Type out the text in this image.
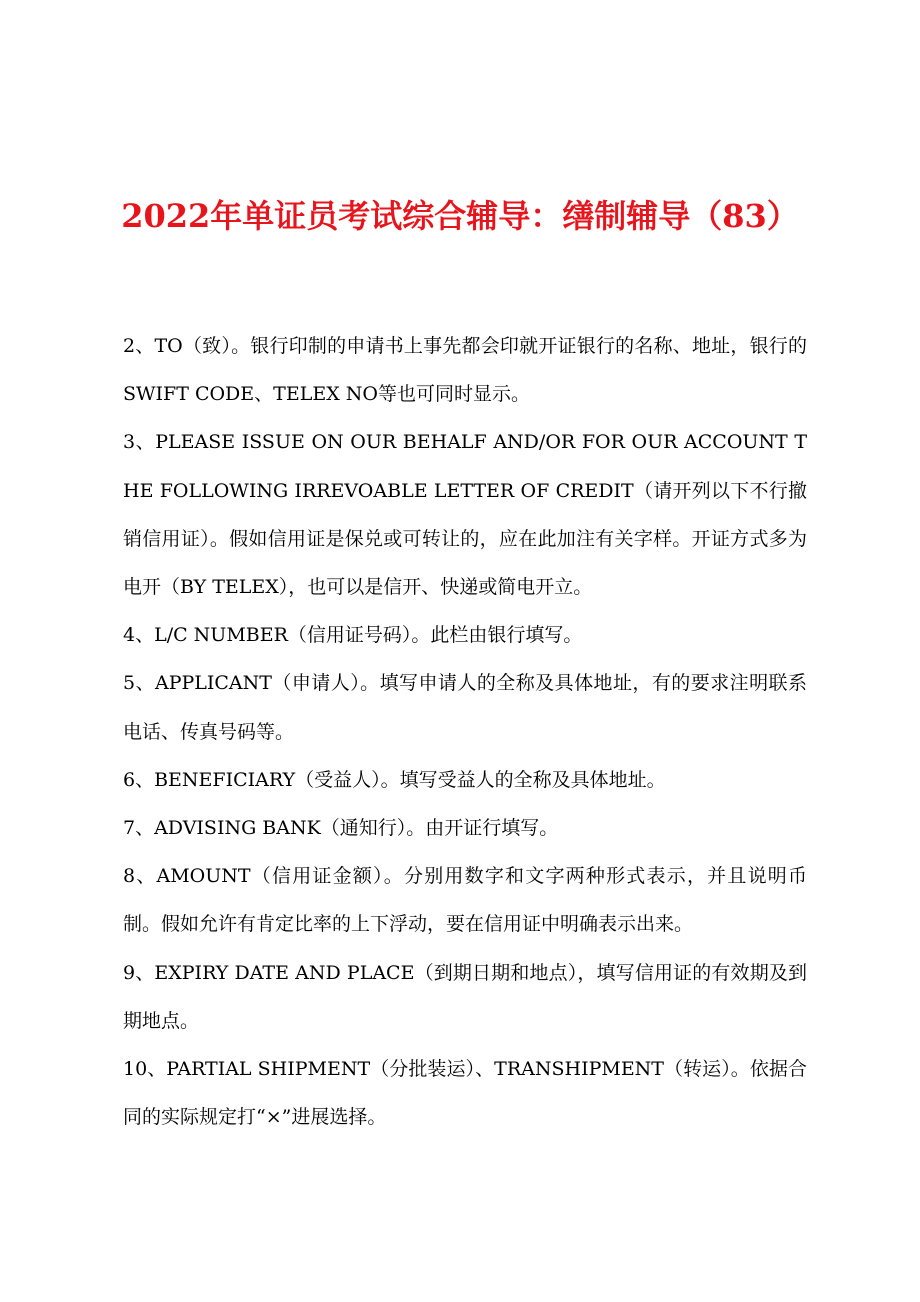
2022年单证员考试综合辅导：缮制辅导（83）

2、TO（致）。银行印制的申请书上事先都会印就开证银行的名称、地址，银行的SWIFT CODE、TELEX NO等也可同时显示。

3、PLEASE ISSUE ON OUR BEHALF AND/OR FOR OUR ACCOUNT THE FOLLOWING IRREVOABLE LETTER OF CREDIT（请开列以下不行撤销信用证）。假如信用证是保兑或可转让的，应在此加注有关字样。开证方式多为电开（BY TELEX），也可以是信开、快递或简电开立。

4、L/C NUMBER（信用证号码）。此栏由银行填写。

5、APPLICANT（申请人）。填写申请人的全称及具体地址，有的要求注明联系电话、传真号码等。

6、BENEFICIARY（受益人）。填写受益人的全称及具体地址。

7、ADVISING BANK（通知行）。由开证行填写。

8、AMOUNT（信用证金额）。分别用数字和文字两种形式表示，并且说明币制。假如允许有肯定比率的上下浮动，要在信用证中明确表示出来。

9、EXPIRY DATE AND PLACE（到期日期和地点），填写信用证的有效期及到期地点。

10、PARTIAL SHIPMENT（分批装运）、TRANSHIPMENT（转运）。依据合同的实际规定打“×”进展选择。
